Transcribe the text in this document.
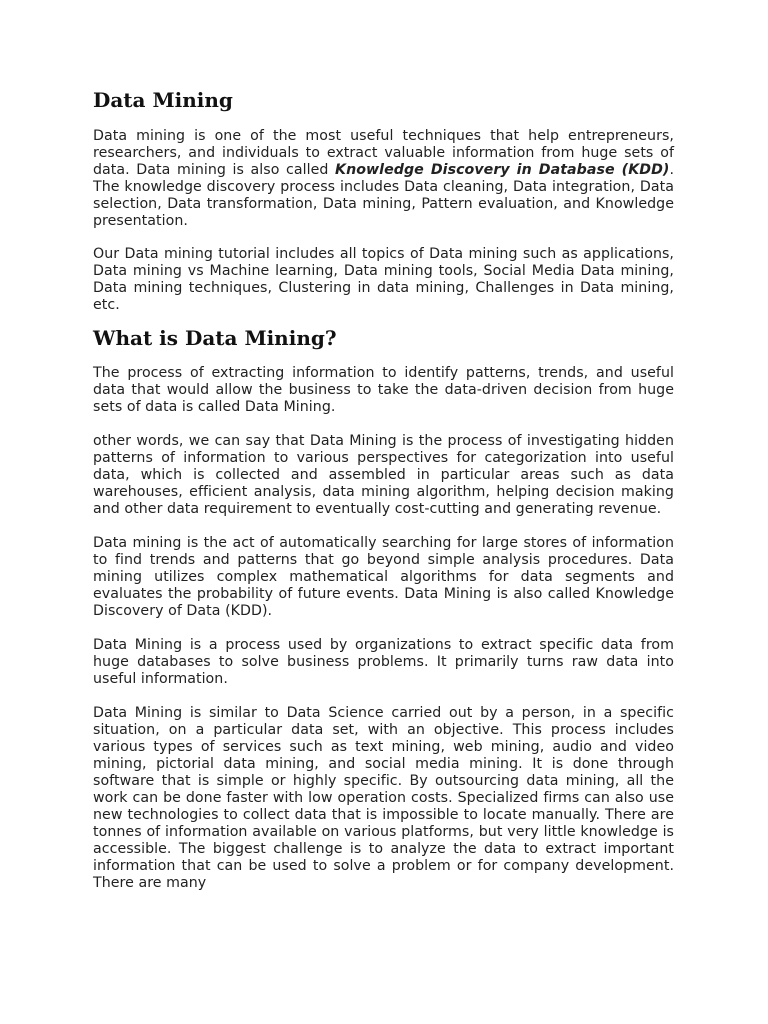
Data Mining

Data mining is one of the most useful techniques that help entrepreneurs, researchers, and individuals to extract valuable information from huge sets of data. Data mining is also called Knowledge Discovery in Database (KDD). The knowledge discovery process includes Data cleaning, Data integration, Data selection, Data transformation, Data mining, Pattern evaluation, and Knowledge presentation.

Our Data mining tutorial includes all topics of Data mining such as applications, Data mining vs Machine learning, Data mining tools, Social Media Data mining, Data mining techniques, Clustering in data mining, Challenges in Data mining, etc.

What is Data Mining?

The process of extracting information to identify patterns, trends, and useful data that would allow the business to take the data-driven decision from huge sets of data is called Data Mining.

other words, we can say that Data Mining is the process of investigating hidden patterns of information to various perspectives for categorization into useful data, which is collected and assembled in particular areas such as data warehouses, efficient analysis, data mining algorithm, helping decision making and other data requirement to eventually cost-cutting and generating revenue.

Data mining is the act of automatically searching for large stores of information to find trends and patterns that go beyond simple analysis procedures. Data mining utilizes complex mathematical algorithms for data segments and evaluates the probability of future events. Data Mining is also called Knowledge Discovery of Data (KDD).

Data Mining is a process used by organizations to extract specific data from huge databases to solve business problems. It primarily turns raw data into useful information.

Data Mining is similar to Data Science carried out by a person, in a specific situation, on a particular data set, with an objective. This process includes various types of services such as text mining, web mining, audio and video mining, pictorial data mining, and social media mining. It is done through software that is simple or highly specific. By outsourcing data mining, all the work can be done faster with low operation costs. Specialized firms can also use new technologies to collect data that is impossible to locate manually. There are tonnes of information available on various platforms, but very little knowledge is accessible. The biggest challenge is to analyze the data to extract important information that can be used to solve a problem or for company development. There are many
